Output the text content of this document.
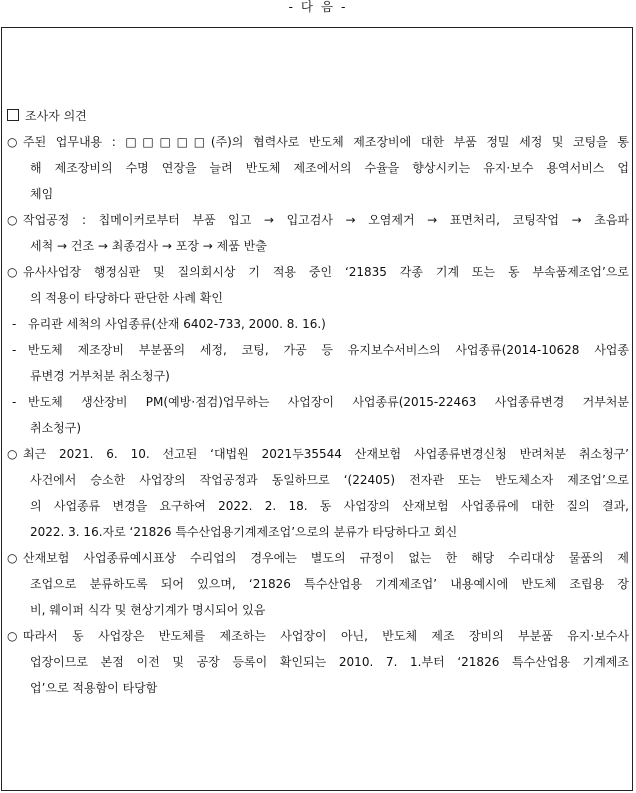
- 다 음 -
조사자 의견
○ 주된 업무내용 : □□□□□(주)의 협력사로 반도체 제조장비에 대한 부품 정밀 세정 및 코팅을 통
해 제조장비의 수명 연장을 늘려 반도체 제조에서의 수율을 향상시키는 유지·보수 용역서비스 업
체임
○ 작업공정 : 칩메이커로부터 부품 입고 → 입고검사 → 오염제거 → 표면처리, 코팅작업 → 초음파
세척 → 건조 → 최종검사 → 포장 → 제품 반출
○ 유사사업장 행정심판 및 질의회시상 기 적용 중인 ‘21835 각종 기계 또는 동 부속품제조업’으로
의 적용이 타당하다 판단한 사례 확인
- 유리관 세척의 사업종류(산재 6402-733, 2000. 8. 16.)
- 반도체 제조장비 부분품의 세정, 코팅, 가공 등 유지보수서비스의 사업종류(2014-10628 사업종
류변경 거부처분 취소청구)
- 반도체 생산장비 PM(예방·점검)업무하는 사업장이 사업종류(2015-22463 사업종류변경 거부처분
취소청구)
○ 최근 2021. 6. 10. 선고된 ‘대법원 2021두35544 산재보험 사업종류변경신청 반려처분 취소청구’
사건에서 승소한 사업장의 작업공정과 동일하므로 ‘(22405) 전자관 또는 반도체소자 제조업’으로
의 사업종류 변경을 요구하여 2022. 2. 18. 동 사업장의 산재보험 사업종류에 대한 질의 결과,
2022. 3. 16.자로 ‘21826 특수산업용기계제조업’으로의 분류가 타당하다고 회신
○ 산재보험 사업종류예시표상 수리업의 경우에는 별도의 규정이 없는 한 해당 수리대상 물품의 제
조업으로 분류하도록 되어 있으며, ‘21826 특수산업용 기계제조업’ 내용예시에 반도체 조립용 장
비, 웨이퍼 식각 및 현상기계가 명시되어 있음
○ 따라서 동 사업장은 반도체를 제조하는 사업장이 아닌, 반도체 제조 장비의 부분품 유지·보수사
업장이므로 본점 이전 및 공장 등록이 확인되는 2010. 7. 1.부터 ‘21826 특수산업용 기계제조
업’으로 적용함이 타당함
